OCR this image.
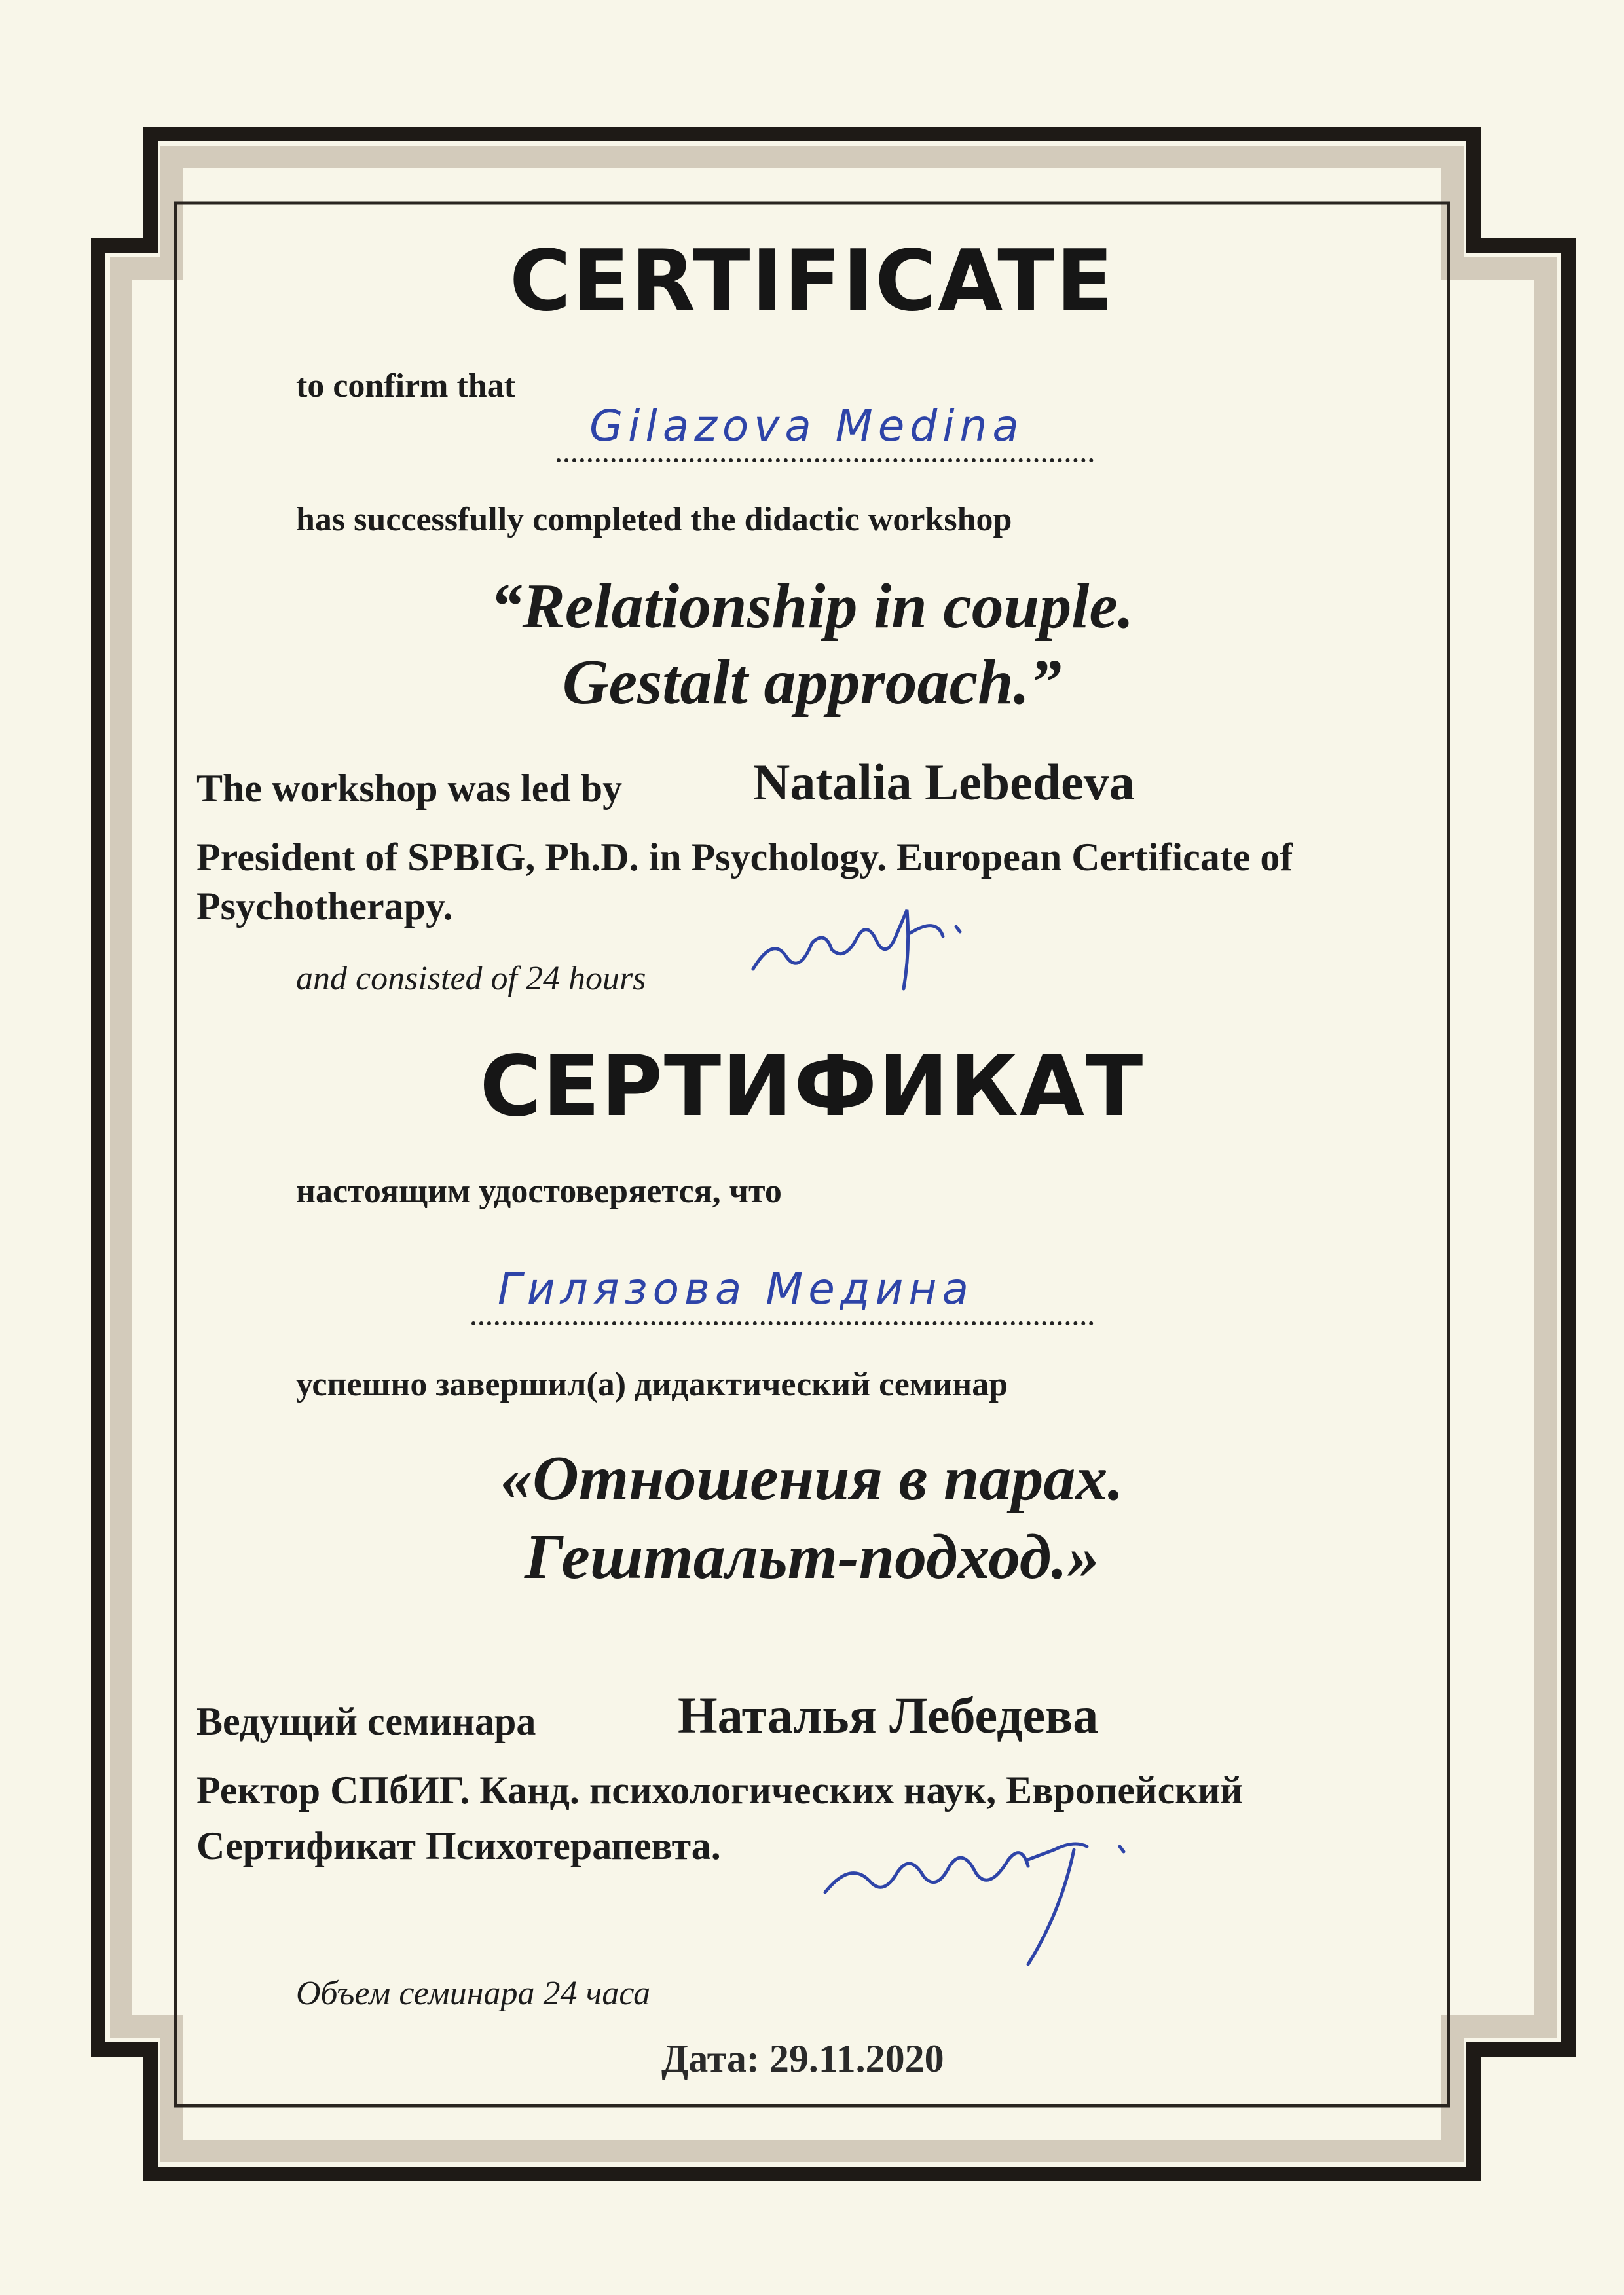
CERTIFICATE
to confirm that
Gilazova Medina
has successfully completed the didactic workshop
“Relationship in couple.
Gestalt approach.”
The workshop was led by	Natalia Lebedeva
President of SPBIG, Ph.D. in Psychology. European Certificate of
Psychotherapy.
and consisted of 24 hours
СЕРТИФИКАТ
настоящим удостоверяется, что
Гилязова Медина
успешно завершил(а) дидактический семинар
«Отношения в парах.
Гештальт-подход.»
Ведущий семинара	Наталья Лебедева
Ректор СПбИГ. Канд. психологических наук, Европейский
Сертификат Психотерапевта.
Объем семинара 24 часа
Дата: 29.11.2020
